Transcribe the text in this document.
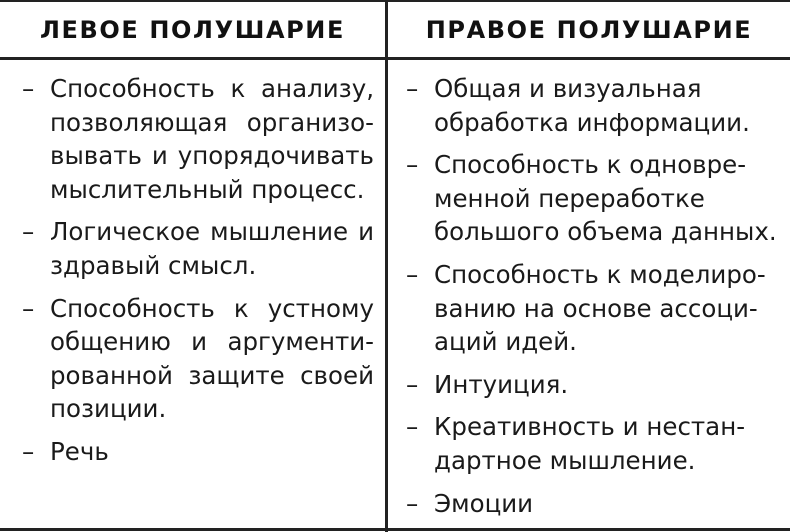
ЛЕВОЕ ПОЛУШАРИЕ	ПРАВОЕ ПОЛУШАРИЕ
– Способность к анализу,
позволяющая организо-
вывать и упорядочивать
мыслительный процесс.
– Логическое мышление и
здравый смысл.
– Способность к устному
общению и аргументи-
рованной защите своей
позиции.
– Речь
– Общая и визуальная
обработка информации.
– Способность к одновре-
менной переработке
большого объема данных.
– Способность к моделиро-
ванию на основе ассоци-
аций идей.
– Интуиция.
– Креативность и нестан-
дартное мышление.
– Эмоции
